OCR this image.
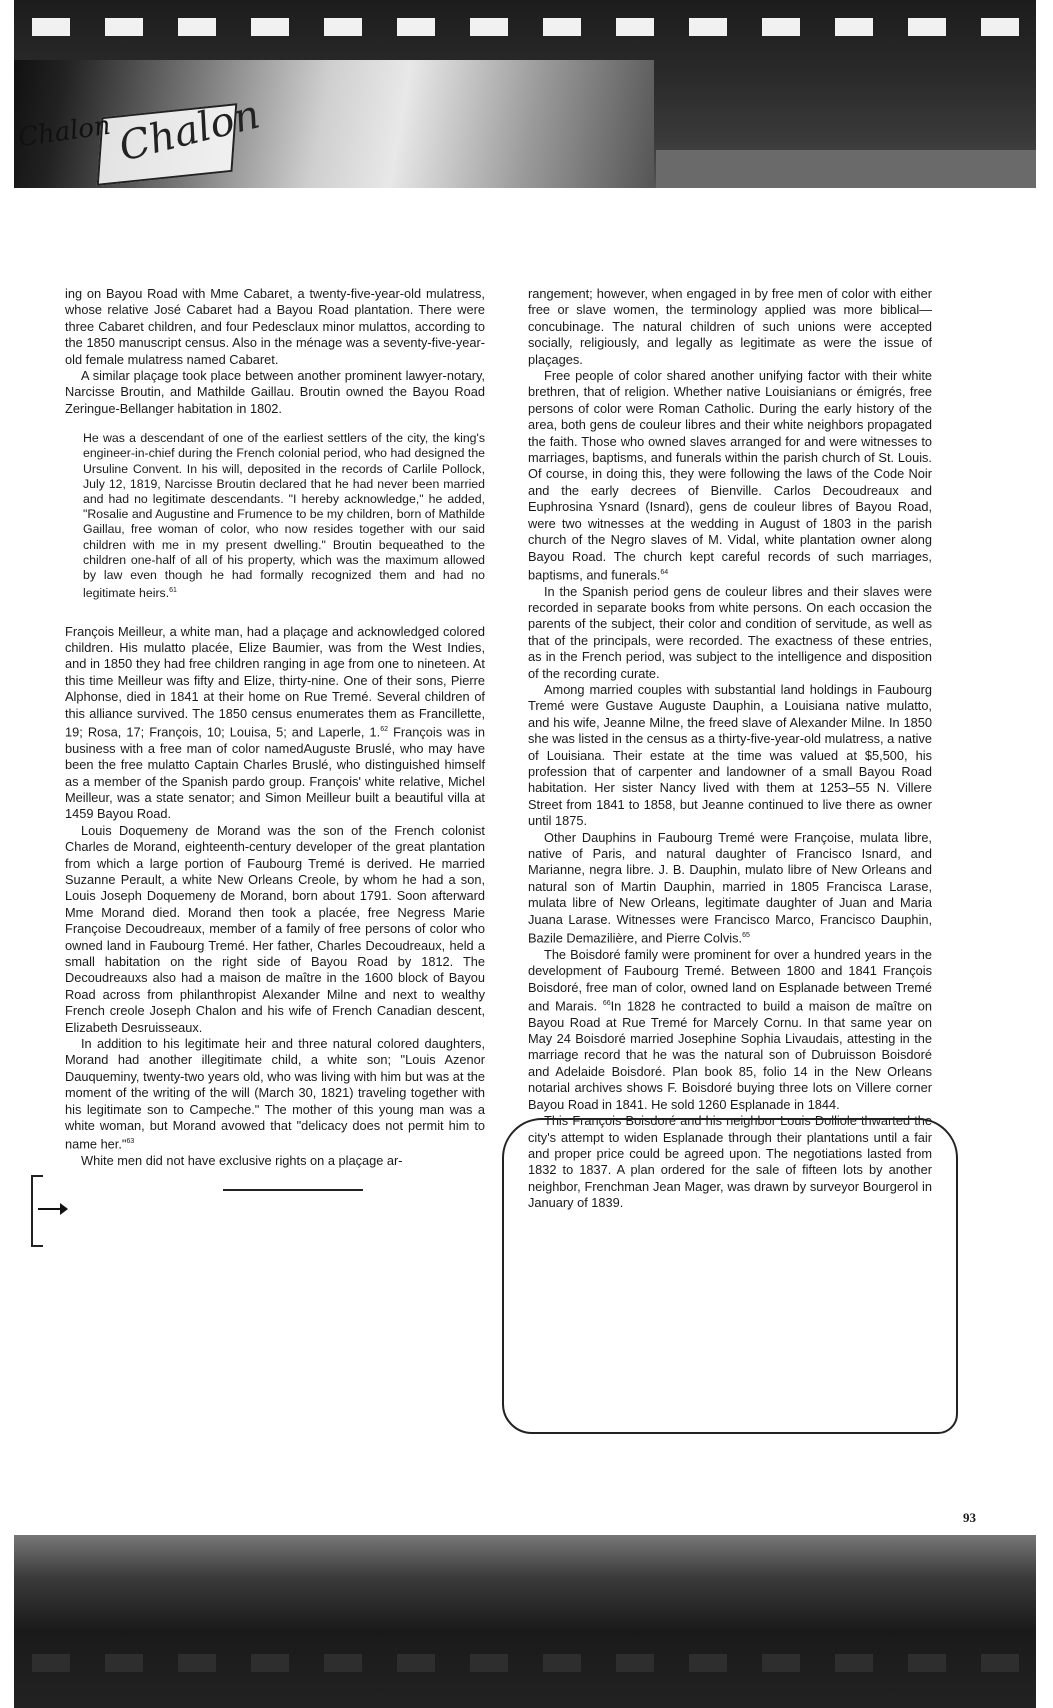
Chalon Chalon

ing on Bayou Road with Mme Cabaret, a twenty-five-year-old mulatress, whose relative José Cabaret had a Bayou Road plantation. There were three Cabaret children, and four Pedesclaux minor mulattos, according to the 1850 manuscript census. Also in the ménage was a seventy-five-year-old female mulatress named Cabaret.

A similar plaçage took place between another prominent lawyer-notary, Narcisse Broutin, and Mathilde Gaillau. Broutin owned the Bayou Road Zeringue-Bellanger habitation in 1802.

He was a descendant of one of the earliest settlers of the city, the king's engineer-in-chief during the French colonial period, who had designed the Ursuline Convent. In his will, deposited in the records of Carlile Pollock, July 12, 1819, Narcisse Broutin declared that he had never been married and had no legitimate descendants. "I hereby acknowledge," he added, "Rosalie and Augustine and Frumence to be my children, born of Mathilde Gaillau, free woman of color, who now resides together with our said children with me in my present dwelling." Broutin bequeathed to the children one-half of all of his property, which was the maximum allowed by law even though he had formally recognized them and had no legitimate heirs.$^{61}$

François Meilleur, a white man, had a plaçage and acknowledged colored children. His mulatto placée, Elize Baumier, was from the West Indies, and in 1850 they had free children ranging in age from one to nineteen. At this time Meilleur was fifty and Elize, thirty-nine. One of their sons, Pierre Alphonse, died in 1841 at their home on Rue Tremé. Several children of this alliance survived. The 1850 census enumerates them as Francillette, 19; Rosa, 17; François, 10; Louisa, 5; and Laperle, 1.62 François was in business with a free man of color namedAuguste Bruslé, who may have been the free mulatto Captain Charles Bruslé, who distinguished himself as a member of the Spanish pardo group. François' white relative, Michel Meilleur, was a state senator; and Simon Meilleur built a beautiful villa at 1459 Bayou Road.

Louis Doquemeny de Morand was the son of the French colonist Charles de Morand, eighteenth-century developer of the great plantation from which a large portion of Faubourg Tremé is derived. He married Suzanne Perault, a white New Orleans Creole, by whom he had a son, Louis Joseph Doquemeny de Morand, born about 1791. Soon afterward Mme Morand died. Morand then took a placée, free Negress Marie Françoise Decoudreaux, member of a family of free persons of color who owned land in Faubourg Tremé. Her father, Charles Decoudreaux, held a small habitation on the right side of Bayou Road by 1812. The Decoudreauxs also had a maison de maître in the 1600 block of Bayou Road across from philanthropist Alexander Milne and next to wealthy French creole Joseph Chalon and his wife of French Canadian descent, Elizabeth Desruisseaux.

In addition to his legitimate heir and three natural colored daughters, Morand had another illegitimate child, a white son; "Louis Azenor Dauqueminy, twenty-two years old, who was living with him but was at the moment of the writing of the will (March 30, 1821) traveling together with his legitimate son to Campeche." The mother of this young man was a white woman, but Morand avowed that "delicacy does not permit him to name her."$^{63}$

White men did not have exclusive rights on a plaçage ar-

rangement; however, when engaged in by free men of color with either free or slave women, the terminology applied was more biblical—concubinage. The natural children of such unions were accepted socially, religiously, and legally as legitimate as were the issue of plaçages.

Free people of color shared another unifying factor with their white brethren, that of religion. Whether native Louisianians or émigrés, free persons of color were Roman Catholic. During the early history of the area, both gens de couleur libres and their white neighbors propagated the faith. Those who owned slaves arranged for and were witnesses to marriages, baptisms, and funerals within the parish church of St. Louis. Of course, in doing this, they were following the laws of the Code Noir and the early decrees of Bienville. Carlos Decoudreaux and Euphrosina Ysnard (Isnard), gens de couleur libres of Bayou Road, were two witnesses at the wedding in August of 1803 in the parish church of the Negro slaves of M. Vidal, white plantation owner along Bayou Road. The church kept careful records of such marriages, baptisms, and funerals.$^{64}$

In the Spanish period gens de couleur libres and their slaves were recorded in separate books from white persons. On each occasion the parents of the subject, their color and condition of servitude, as well as that of the principals, were recorded. The exactness of these entries, as in the French period, was subject to the intelligence and disposition of the recording curate.

Among married couples with substantial land holdings in Faubourg Tremé were Gustave Auguste Dauphin, a Louisiana native mulatto, and his wife, Jeanne Milne, the freed slave of Alexander Milne. In 1850 she was listed in the census as a thirty-five-year-old mulatress, a native of Louisiana. Their estate at the time was valued at $5,500, his profession that of carpenter and landowner of a small Bayou Road habitation. Her sister Nancy lived with them at 1253–55 N. Villere Street from 1841 to 1858, but Jeanne continued to live there as owner until 1875.

Other Dauphins in Faubourg Tremé were Françoise, mulata libre, native of Paris, and natural daughter of Francisco Isnard, and Marianne, negra libre. J. B. Dauphin, mulato libre of New Orleans and natural son of Martin Dauphin, married in 1805 Francisca Larase, mulata libre of New Orleans, legitimate daughter of Juan and Maria Juana Larase. Witnesses were Francisco Marco, Francisco Dauphin, Bazile Demazilière, and Pierre Colvis.$^{65}$

The Boisdoré family were prominent for over a hundred years in the development of Faubourg Tremé. Between 1800 and 1841 François Boisdoré, free man of color, owned land on Esplanade between Tremé and Marais. $^{66}$In 1828 he contracted to build a maison de maître on Bayou Road at Rue Tremé for Marcely Cornu. In that same year on May 24 Boisdoré married Josephine Sophia Livaudais, attesting in the marriage record that he was the natural son of Dubruisson Boisdoré and Adelaide Boisdoré. Plan book 85, folio 14 in the New Orleans notarial archives shows F. Boisdoré buying three lots on Villere corner Bayou Road in 1841. He sold 1260 Esplanade in 1844.

This François Boisdoré and his neighbor Louis Dolliole thwarted the city's attempt to widen Esplanade through their plantations until a fair and proper price could be agreed upon. The negotiations lasted from 1832 to 1837. A plan ordered for the sale of fifteen lots by another neighbor, Frenchman Jean Mager, was drawn by surveyor Bourgerol in January of 1839.

93
